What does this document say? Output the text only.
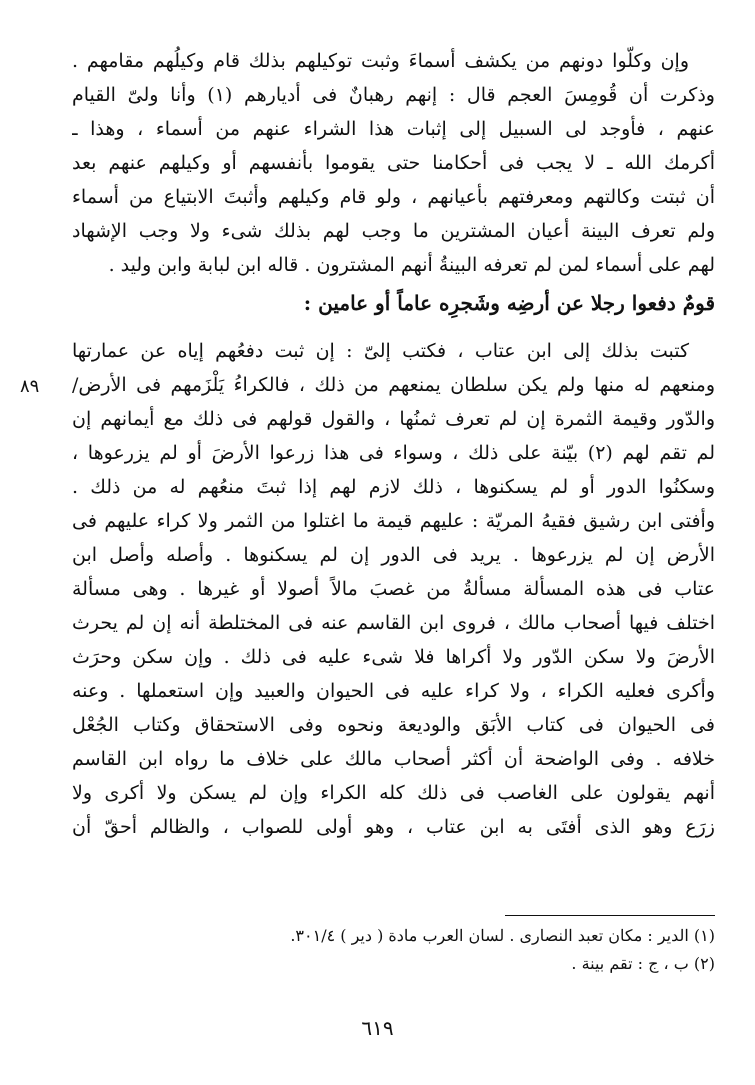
وإن وكلّوا دونهم من يكشف أسماءَ وثبت توكيلهم بذلك قام وكيلُهم مقامهم .
وذكرت أن قُومِسَ العجم قال : إنهم رهبانٌ فى أديارهم (١) وأنا ولىّ القيام
عنهم ، فأوجد لى السبيل إلى إثبات هذا الشراء عنهم من أسماء ، وهذا ـ
أكرمك الله ـ لا يجب فى أحكامنا حتى يقوموا بأنفسهم أو وكيلهم عنهم بعد
أن ثبتت وكالتهم ومعرفتهم بأعيانهم ، ولو قام وكيلهم وأثبتَ الابتياع من أسماء
ولم تعرف البينة أعيان المشترين ما وجب لهم بذلك شىء ولا وجب الإشهاد
لهم على أسماء لمن لم تعرفه البينةُ أنهم المشترون . قاله ابن لبابة وابن وليد .
قومٌ دفعوا رجلا عن أرضِه وشَجرِه عاماً أو عامين :
كتبت بذلك إلى ابن عتاب ، فكتب إلىّ : إن ثبت دفعُهم إياه عن عمارتها
ومنعهم له منها ولم يكن سلطان يمنعهم من ذلك ، فالكراءُ يَلْزَمهم فى الأرض/
والدّور وقيمة الثمرة إن لم تعرف ثمنُها ، والقول قولهم فى ذلك مع أيمانهم إن
لم تقم لهم (٢) بيّنة على ذلك ، وسواء فى هذا زرعوا الأرضَ أو لم يزرعوها ،
وسكنُوا الدور أو لم يسكنوها ، ذلك لازم لهم إذا ثبتَ منعُهم له من ذلك .
وأفتى ابن رشيق فقيهُ المريّة : عليهم قيمة ما اغتلوا من الثمر ولا كراء عليهم فى
الأرض إن لم يزرعوها . يريد فى الدور إن لم يسكنوها . وأصله وأصل ابن
عتاب فى هذه المسألة مسألةُ من غصبَ مالاً أصولا أو غيرها . وهى مسألة
اختلف فيها أصحاب مالك ، فروى ابن القاسم عنه فى المختلطة أنه إن لم يحرث
الأرضَ ولا سكن الدّور ولا أكراها فلا شىء عليه فى ذلك . وإن سكن وحرَث
وأكرى فعليه الكراء ، ولا كراء عليه فى الحيوان والعبيد وإن استعملها . وعنه
فى الحيوان فى كتاب الأبَق والوديعة ونحوه وفى الاستحقاق وكتاب الجُعْل
خلافه . وفى الواضحة أن أكثر أصحاب مالك على خلاف ما رواه ابن القاسم
أنهم يقولون على الغاصب فى ذلك كله الكراء وإن لم يسكن ولا أكرى ولا
زرَع وهو الذى أفتَى به ابن عتاب ، وهو أولى للصواب ، والظالم أحقّ أن
٨٩
(١) الدير : مكان تعبد النصارى . لسان العرب مادة ( دير ) ٣٠١/٤.
(٢) ب ، ج : تقم بينة .
٦١٩
